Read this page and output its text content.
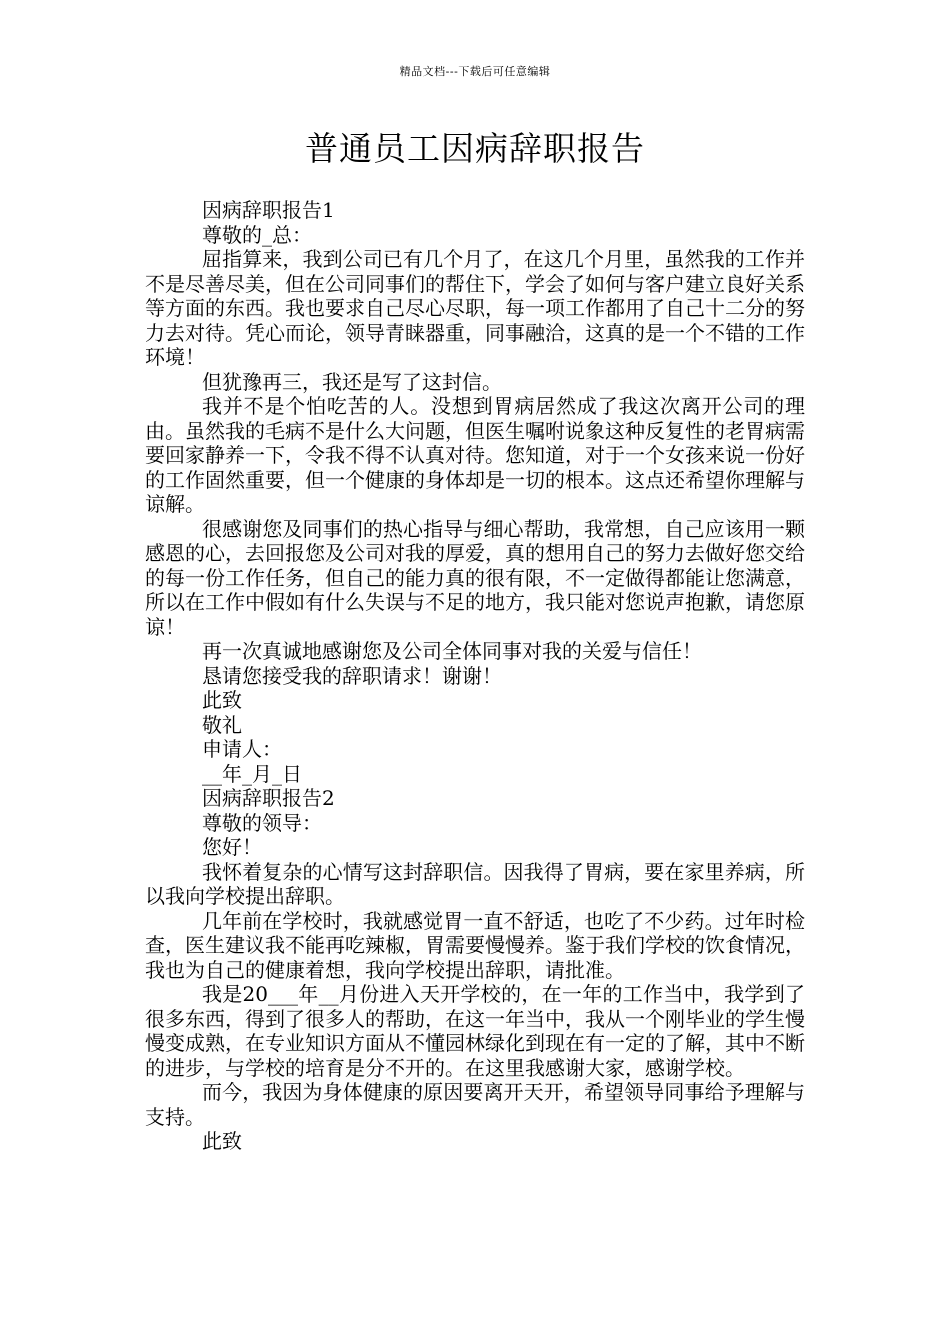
精品文档---下载后可任意编辑
普通员工因病辞职报告

因病辞职报告1

尊敬的_总：

屈指算来，我到公司已有几个月了，在这几个月里，虽然我的工作并不是尽善尽美，但在公司同事们的帮住下，学会了如何与客户建立良好关系等方面的东西。我也要求自己尽心尽职，每一项工作都用了自己十二分的努力去对待。凭心而论，领导青睐器重，同事融洽，这真的是一个不错的工作环境！

但犹豫再三，我还是写了这封信。

我并不是个怕吃苦的人。没想到胃病居然成了我这次离开公司的理由。虽然我的毛病不是什么大问题，但医生嘱咐说象这种反复性的老胃病需要回家静养一下，令我不得不认真对待。您知道，对于一个女孩来说一份好的工作固然重要，但一个健康的身体却是一切的根本。这点还希望你理解与谅解。

很感谢您及同事们的热心指导与细心帮助，我常想，自己应该用一颗感恩的心，去回报您及公司对我的厚爱，真的想用自己的努力去做好您交给的每一份工作任务，但自己的能力真的很有限，不一定做得都能让您满意，所以在工作中假如有什么失误与不足的地方，我只能对您说声抱歉，请您原谅！

再一次真诚地感谢您及公司全体同事对我的关爱与信任！

恳请您接受我的辞职请求！谢谢！

此致

敬礼

申请人：

__年_月_日

因病辞职报告2

尊敬的领导：

您好！

我怀着复杂的心情写这封辞职信。因我得了胃病，要在家里养病，所以我向学校提出辞职。

几年前在学校时，我就感觉胃一直不舒适，也吃了不少药。过年时检查，医生建议我不能再吃辣椒，胃需要慢慢养。鉴于我们学校的饮食情况，我也为自己的健康着想，我向学校提出辞职，请批准。

我是20___年__月份进入天开学校的，在一年的工作当中，我学到了很多东西，得到了很多人的帮助，在这一年当中，我从一个刚毕业的学生慢慢变成熟，在专业知识方面从不懂园林绿化到现在有一定的了解，其中不断的进步，与学校的培育是分不开的。在这里我感谢大家，感谢学校。

而今，我因为身体健康的原因要离开天开，希望领导同事给予理解与支持。

此致
